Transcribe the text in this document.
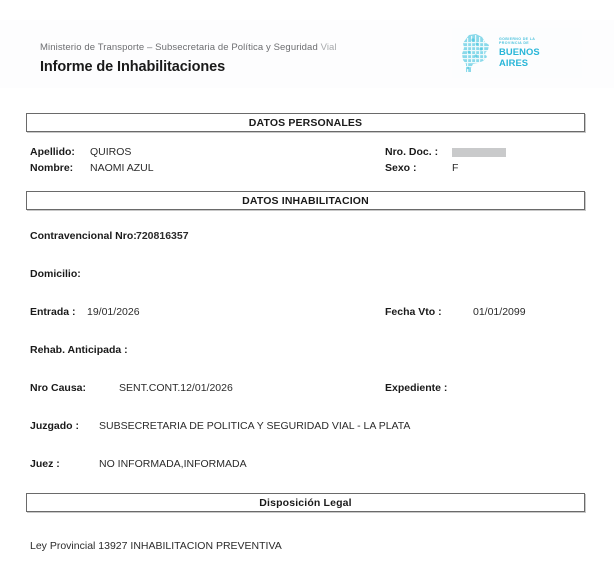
Ministerio de Transporte – Subsecretaria de Política y Seguridad Vial
Informe de Inhabilitaciones
GOBIERNO DE LA
PROVINCIA DE
BUENOS
AIRES
DATOS PERSONALES
Apellido: QUIROS	Nro. Doc. :
Nombre: NAOMI AZUL	Sexo :	F
DATOS INHABILITACION
Contravencional Nro: 720816357
Domicilio:
Entrada : 19/01/2026	Fecha Vto :	01/01/2099
Rehab. Anticipada :
Nro Causa:	SENT.CONT.12/01/2026	Expediente :
Juzgado : SUBSECRETARIA DE POLITICA Y SEGURIDAD VIAL - LA PLATA
Juez :	NO INFORMADA,INFORMADA
Disposición Legal
Ley Provincial 13927 INHABILITACION PREVENTIVA
